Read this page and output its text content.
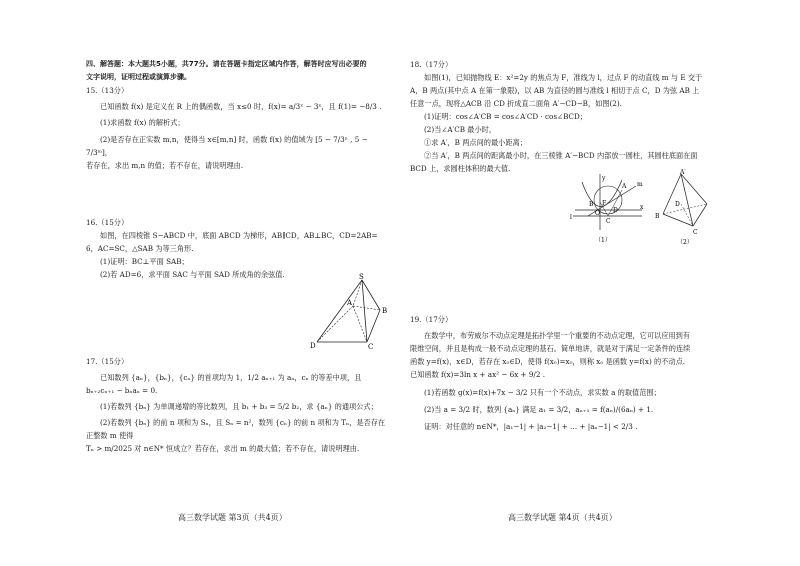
四、解答题：本大题共5小题，共77分。请在答题卡指定区域内作答，解答时应写出必要的

文字说明，证明过程或演算步骤。

15.（13分）

已知函数 f(x) 是定义在 R 上的偶函数，当 x≤0 时，f(x)= a/3ˣ − 3ˣ，且 f(1)= −8/3 .

(1)求函数 f(x) 的解析式；

(2)是否存在正实数 m,n，使得当 x∈[m,n] 时，函数 f(x) 的值域为 [5 − 7/3ⁿ , 5 − 7/3ᵐ]，

若存在，求出 m,n 的值；若不存在，请说明理由.

16.（15分）

如图，在四棱锥 S−ABCD 中，底面 ABCD 为梯形，AB∥CD，AB⊥BC，CD=2AB=

6，AC=SC，△SAB 为等三角形.

(1)证明：BC⊥平面 SAB；

(2)若 AD=6，求平面 SAC 与平面 SAD 所成角的余弦值.

17.（15分）

已知数列 {aₙ}，{bₙ}，{cₙ} 的首项均为 1，1/2 aₙ₊₁ 为 aₙ，cₙ 的等差中项，且

bₙ₊₂cₙ₊₁ − bₙaₙ = 0.

(1)若数列 {bₙ} 为单调递增的等比数列，且 b₁ + b₃ = 5/2 b₂，求 {aₙ} 的通项公式；

(2)若数列 {bₙ} 的前 n 项和为 Sₙ，且 Sₙ = n²，数列 {cₙ} 的前 n 项和为 Tₙ，是否存在正整数 m 使得

Tₙ > m/2025 对 n∈N* 恒成立？若存在，求出 m 的最大值；若不存在，请说明理由.

S
A
B
D	C

18.（17分）

如图(1)，已知抛物线 E：x²=2y 的焦点为 F，准线为 l，过点 F 的动直线 m 与 E 交于

A，B 两点(其中点 A 在第一象限)，以 AB 为直径的圆与准线 l 相切于点 C，D 为弦 AB 上

任意一点，现将△ACB 沿 CD 折成直二面角 A′−CD−B，如图(2).

(1)证明：cos∠A′CB = cos∠A′CD · cos∠BCD；

(2)当∠A′CB 最小时，

①求 A′，B 两点间的最小距离；

②当 A′，B 两点间的距离最小时，在三棱锥 A′−BCD 内部放一圆柱，其圆柱底面在面

BCD 上，求圆柱体积的最大值.

19.（17分）

在数学中，布劳威尔不动点定理是拓扑学里一个重要的不动点定理，它可以应用到有

限维空间，并且是构成一般不动点定理的基石。简单地讲，就是对于满足一定条件的连续

函数 y=f(x)，x∈D，若存在 x₀∈D，使得 f(x₀)=x₀，则称 x₀ 是函数 y=f(x) 的不动点.

已知函数 f(x)=3ln x + ax² − 6x + 9/2 .

(1)若函数 g(x)=f(x)+7x − 3/2 只有一个不动点，求实数 a 的取值范围；

(2)当 a = 3/2 时，数列 {aₙ} 满足 a₁ = 3/2，aₙ₊₁ = f(aₙ)/(6aₙ) + 1.

证明：对任意的 n∈N*，|a₁−1| + |a₂−1| + … + |aₙ−1| < 2/3 .

y
m
A
B F
O
x
l
C
D
（1）
A′
D
B
C
（2）
高三数学试题 第3页（共4页）	高三数学试题 第4页（共4页）
